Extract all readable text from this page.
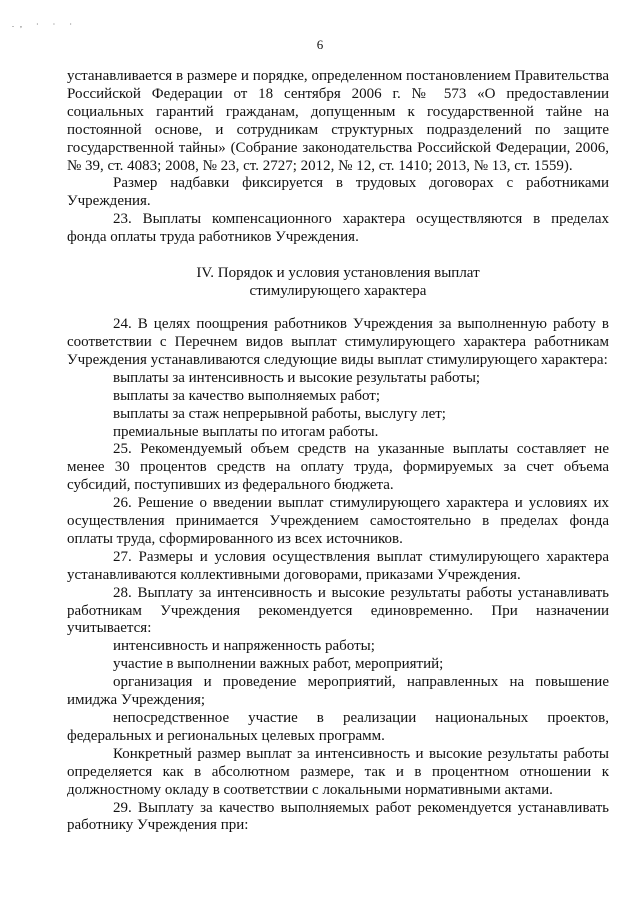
., · · ·
6

устанавливается в размере и порядке, определенном постановлением Правительства Российской Федерации от 18 сентября 2006 г. № 573 «О предоставлении социальных гарантий гражданам, допущенным к государственной тайне на постоянной основе, и сотрудникам структурных подразделений по защите государственной тайны» (Собрание законодательства Российской Федерации, 2006, № 39, ст. 4083; 2008, № 23, ст. 2727; 2012, № 12, ст. 1410; 2013, № 13, ст. 1559).

Размер надбавки фиксируется в трудовых договорах с работниками Учреждения.

23. Выплаты компенсационного характера осуществляются в пределах фонда оплаты труда работников Учреждения.

IV. Порядок и условия установления выплат
стимулирующего характера

24. В целях поощрения работников Учреждения за выполненную работу в соответствии с Перечнем видов выплат стимулирующего характера работникам Учреждения устанавливаются следующие виды выплат стимулирующего характера:

выплаты за интенсивность и высокие результаты работы;

выплаты за качество выполняемых работ;

выплаты за стаж непрерывной работы, выслугу лет;

премиальные выплаты по итогам работы.

25. Рекомендуемый объем средств на указанные выплаты составляет не менее 30 процентов средств на оплату труда, формируемых за счет объема субсидий, поступивших из федерального бюджета.

26. Решение о введении выплат стимулирующего характера и условиях их осуществления принимается Учреждением самостоятельно в пределах фонда оплаты труда, сформированного из всех источников.

27. Размеры и условия осуществления выплат стимулирующего характера устанавливаются коллективными договорами, приказами Учреждения.

28. Выплату за интенсивность и высокие результаты работы устанавливать работникам Учреждения рекомендуется единовременно. При назначении учитывается:

интенсивность и напряженность работы;

участие в выполнении важных работ, мероприятий;

организация и проведение мероприятий, направленных на повышение имиджа Учреждения;

непосредственное участие в реализации национальных проектов, федеральных и региональных целевых программ.

Конкретный размер выплат за интенсивность и высокие результаты работы определяется как в абсолютном размере, так и в процентном отношении к должностному окладу в соответствии с локальными нормативными актами.

29. Выплату за качество выполняемых работ рекомендуется устанавливать работнику Учреждения при:
